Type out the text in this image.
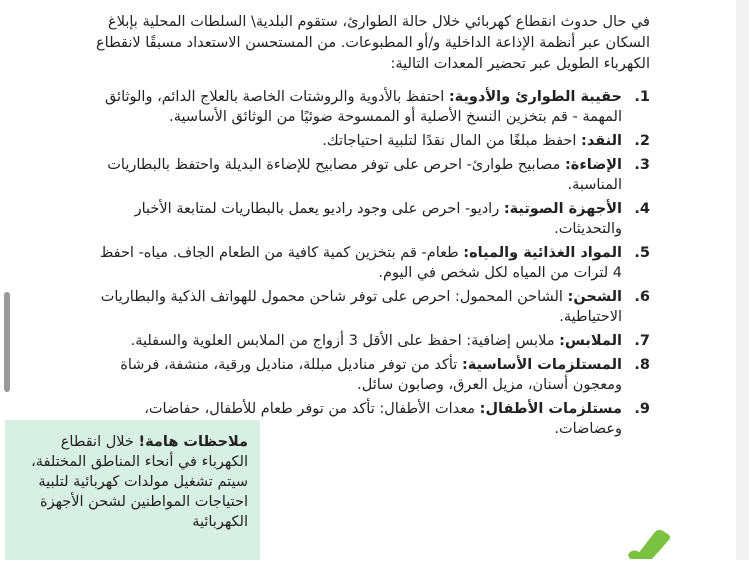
في حال حدوث انقطاع كهربائي خلال حالة الطوارئ، ستقوم البلدية\ السلطات المحلية بإبلاغ السكان عبر أنظمة الإذاعة الداخلية و/أو المطبوعات. من المستحسن الاستعداد مسبقًا لانقطاع الكهرباء الطويل عبر تحضير المعدات التالية:

.1
حقيبة الطوارئ والأدوية: احتفظ بالأدوية والروشتات الخاصة بالعلاج الدائم، والوثائق المهمة - قم بتخزين النسخ الأصلية أو الممسوحة ضوئيًا من الوثائق الأساسية.
.2
النقد: احفظ مبلغًا من المال نقدًا لتلبية احتياجاتك.
.3
الإضاءة: مصابيح طوارئ- احرص على توفر مصابيح للإضاءة البديلة واحتفظ بالبطاريات المناسبة.
.4
الأجهزة الصوتية: راديو- احرص على وجود راديو يعمل بالبطاريات لمتابعة الأخبار والتحديثات.
.5
المواد الغذائية والمياه: طعام- قم بتخزين كمية كافية من الطعام الجاف. مياه- احفظ 4 لترات من المياه لكل شخص في اليوم.
.6
الشحن: الشاحن المحمول: احرص على توفر شاحن محمول للهواتف الذكية والبطاريات الاحتياطية.
.7
الملابس: ملابس إضافية: احفظ على الأقل 3 أزواج من الملابس العلوية والسفلية.
.8
المستلزمات الأساسية: تأكد من توفر مناديل مبللة، مناديل ورقية، منشفة، فرشاة ومعجون أسنان، مزيل العرق، وصابون سائل.
.9
مستلزمات الأطفال: معدات الأطفال: تأكد من توفر طعام للأطفال، حفاضات، وعضاضات.
ملاحظات هامة! خلال انقطاع الكهرباء في أنحاء المناطق المختلفة، سيتم تشغيل مولدات كهربائية لتلبية احتياجات المواطنين لشحن الأجهزة الكهربائية
